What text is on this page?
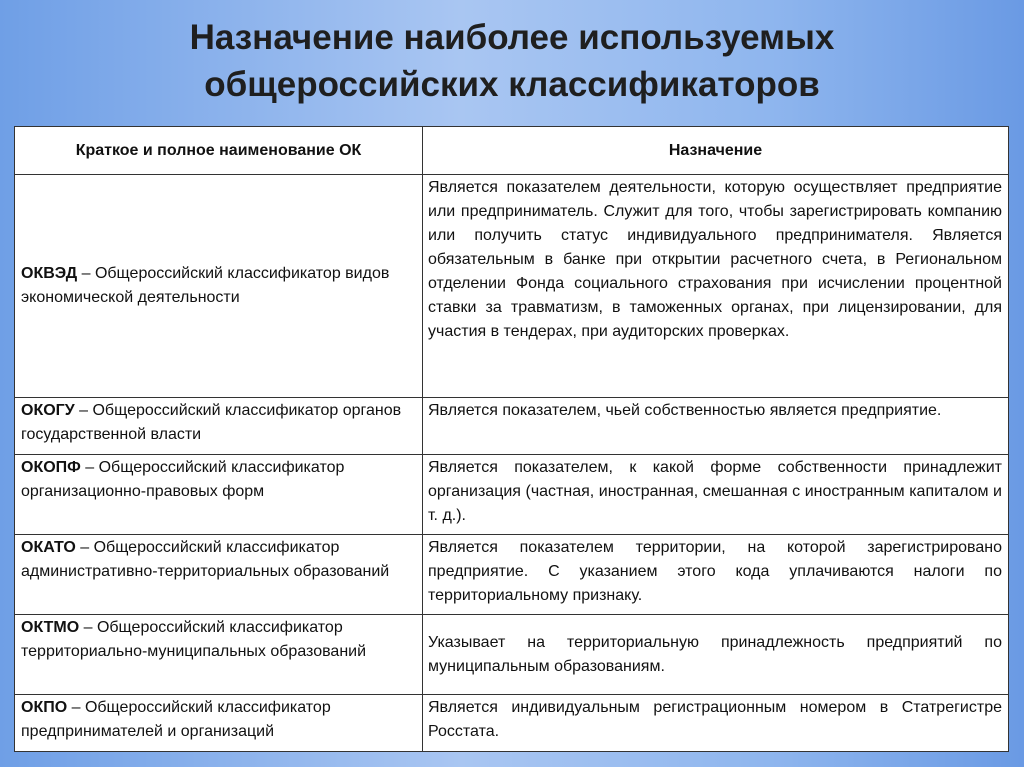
Назначение наиболее используемых
общероссийских классификаторов
Краткое и полное наименование ОК	Назначение
ОКВЭД – Общероссийский классификатор видов экономической деятельности	Является показателем деятельности, которую осуществляет предприятие или предприниматель. Служит для того, чтобы зарегистрировать компанию или получить статус индивидуального предпринимателя. Является обязательным в банке при открытии расчетного счета, в Региональном отделении Фонда социального страхования при исчислении процентной ставки за травматизм, в таможенных органах, при лицензировании, для участия в тендерах, при аудиторских проверках.
ОКОГУ – Общероссийский классификатор органов государственной власти	Является показателем, чьей собственностью является предприятие.
ОКОПФ – Общероссийский классификатор организационно-правовых форм	Является показателем, к какой форме собственности принадлежит организация (частная, иностранная, смешанная с иностранным капиталом и т. д.).
ОКАТО – Общероссийский классификатор административно-территориальных образований	Является показателем территории, на которой зарегистрировано предприятие. С указанием этого кода уплачиваются налоги по территориальному признаку.
ОКТМО – Общероссийский классификатор территориально-муниципальных образований	Указывает на территориальную принадлежность предприятий по муниципальным образованиям.
ОКПО – Общероссийский классификатор предпринимателей и организаций	Является индивидуальным регистрационным номером в Статрегистре Росстата.
